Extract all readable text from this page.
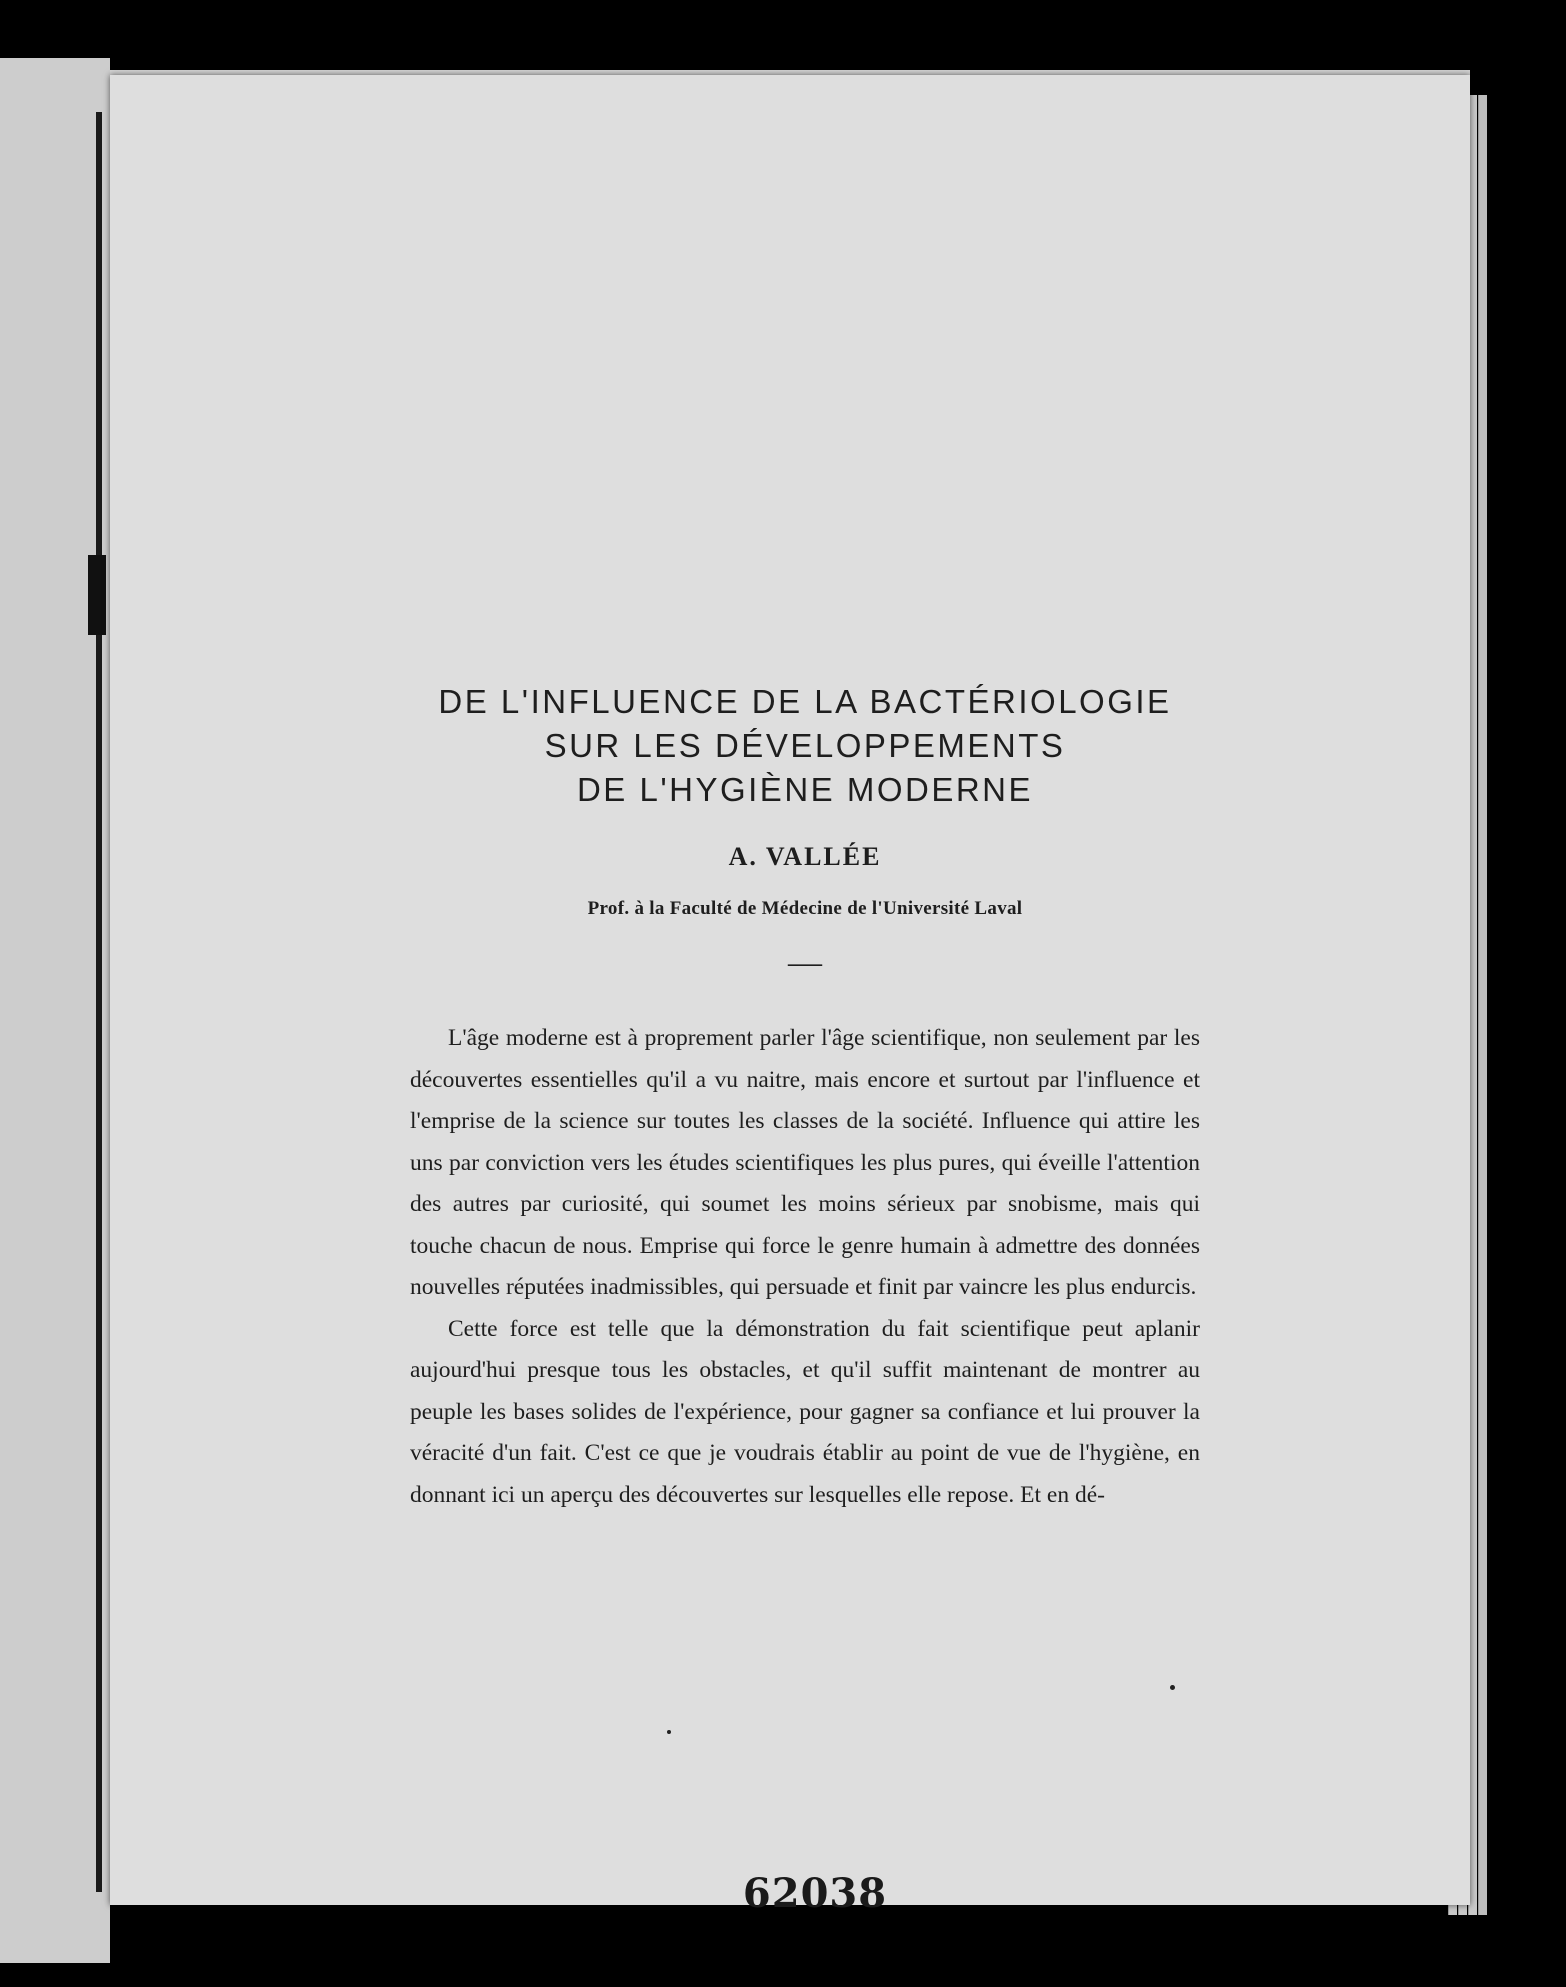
DE L'INFLUENCE DE LA BACTÉRIOLOGIE
SUR LES DÉVELOPPEMENTS
DE L'HYGIÈNE MODERNE
A. VALLÉE
Prof. à la Faculté de Médecine de l'Université Laval
—

L'âge moderne est à proprement parler l'âge scientifique, non seulement par les découvertes essentielles qu'il a vu naitre, mais encore et surtout par l'influence et l'emprise de la science sur toutes les classes de la société. Influence qui attire les uns par conviction vers les études scientifiques les plus pures, qui éveille l'attention des autres par curiosité, qui soumet les moins sérieux par snobisme, mais qui touche chacun de nous. Emprise qui force le genre humain à admettre des données nouvelles réputées inadmissibles, qui persuade et finit par vaincre les plus endurcis.

Cette force est telle que la démonstration du fait scientifique peut aplanir aujourd'hui presque tous les obstacles, et qu'il suffit maintenant de montrer au peuple les bases solides de l'expérience, pour gagner sa confiance et lui prouver la véracité d'un fait. C'est ce que je voudrais établir au point de vue de l'hygiène, en donnant ici un aperçu des découvertes sur lesquelles elle repose. Et en dé-

62038
